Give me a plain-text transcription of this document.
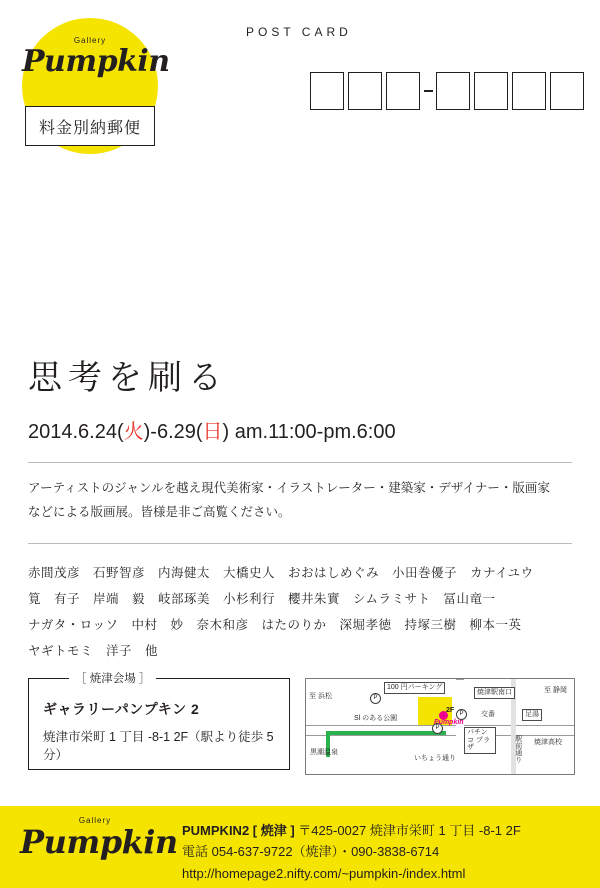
Gallery
Pumpkin
料金別納郵便
POST CARD
思考を刷る
2014.6.24(火)-6.29(日) am.11:00-pm.6:00
アーティストのジャンルを越え現代美術家・イラストレーター・建築家・デザイナー・版画家
などによる版画展。皆様是非ご高覧ください。
赤間茂彦　石野智彦　内海健太　大橋史人　おおはしめぐみ　小田巻優子　カナイユウ
筧　有子　岸端　毅　岐部琢美　小杉利行　櫻井朱實　シムラミサト　冨山竜一
ナガタ・ロッソ　中村　妙　奈木和彦　はたのりか　深堀孝徳　持塚三樹　柳本一英
ヤギトモミ　洋子　他
［ 焼津会場 ］
ギャラリーパンプキン 2
焼津市栄町 1 丁目 -8-1 2F（駅より徒歩 5 分）
100 円パーキング
焼津駅南口
至 浜松
至 静岡
交番	足湯
パチンコ プラザ
黒潮温泉
いちょう通り	駅前通り 焼津高校
Sl のある公園
P
P
P
2F
Pumpkin
Gallery
Pumpkin PUMPKIN2 [ 焼津 ] 〒425-0027 焼津市栄町 1 丁目 -8-1 2F
電話 054-637-9722（焼津）・090-3838-6714
http://homepage2.nifty.com/~pumpkin-/index.html
